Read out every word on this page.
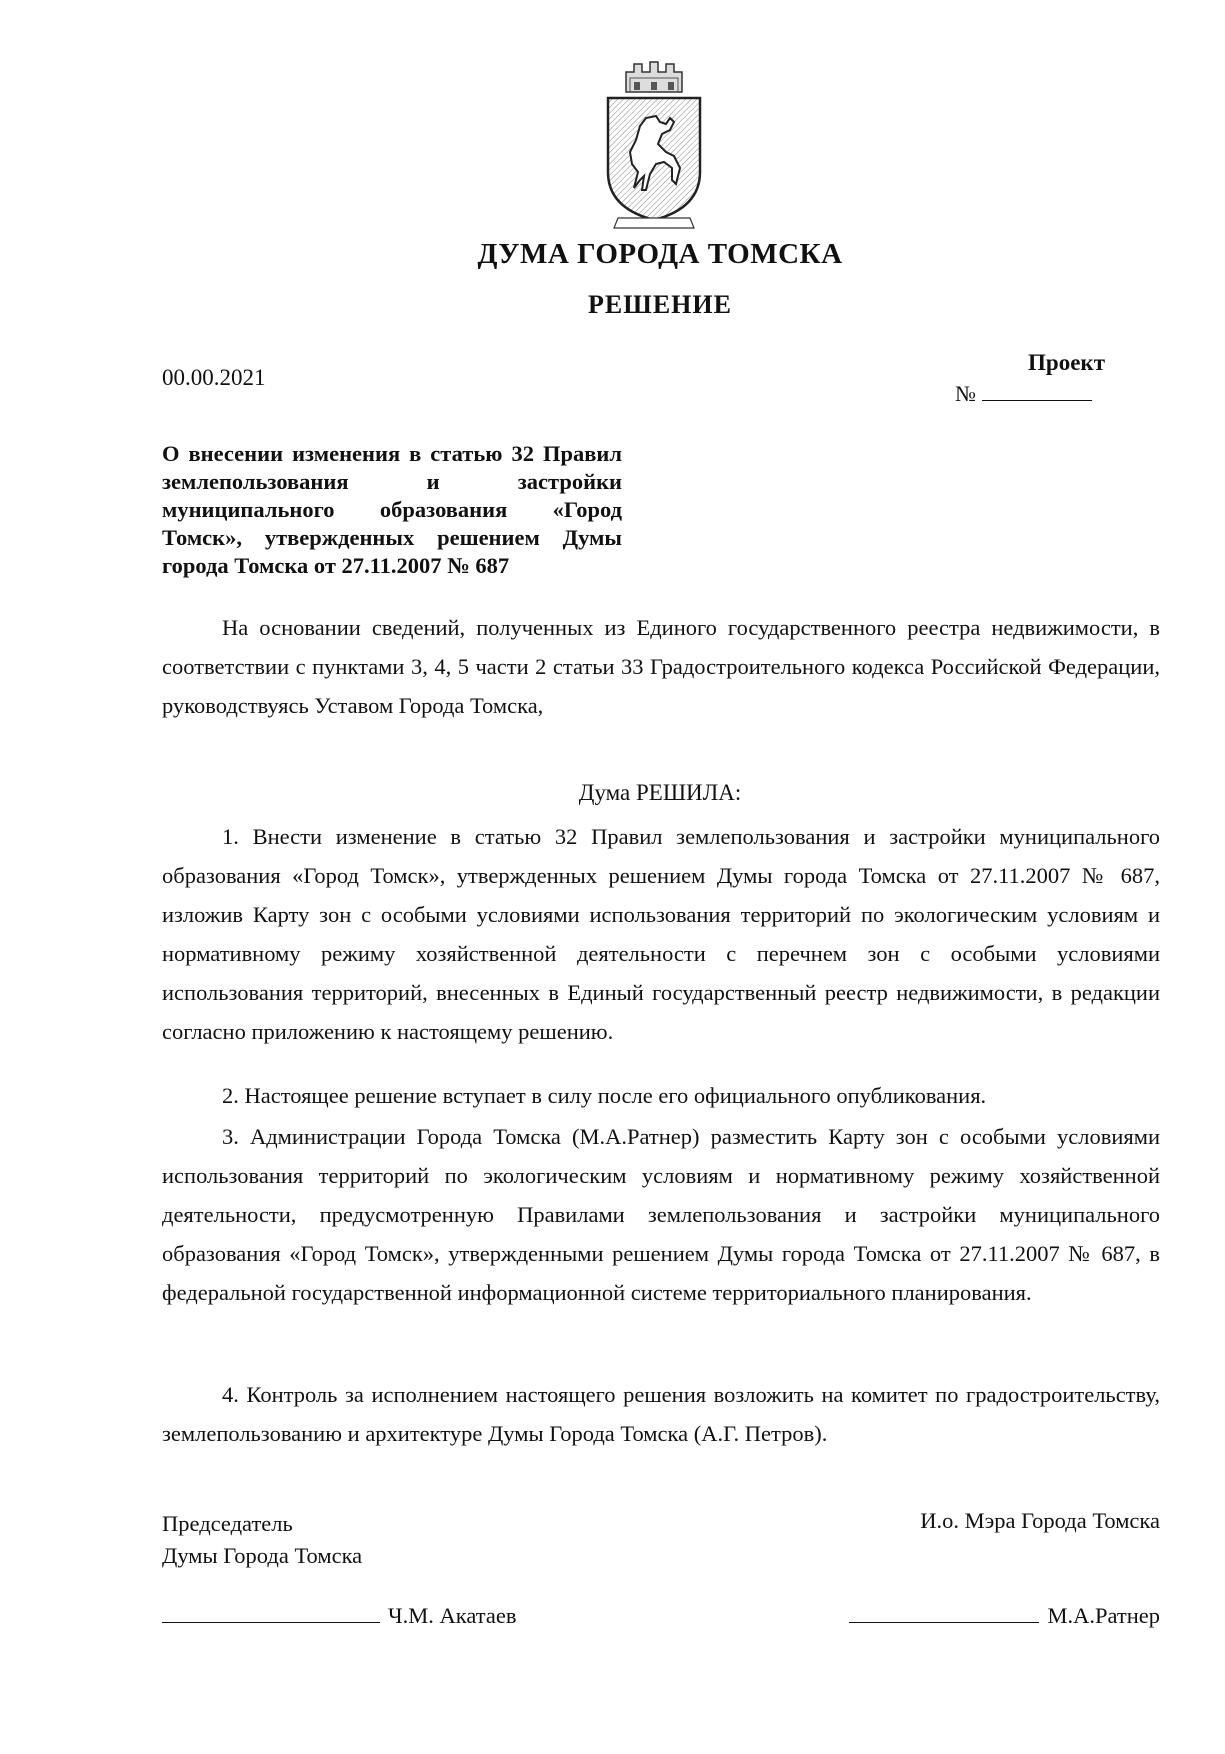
ДУМА ГОРОДА ТОМСКА
РЕШЕНИЕ
00.00.2021
Проект
№
О внесении изменения в статью 32 Правил землепользования и застройки муниципального образования «Город Томск», утвержденных решением Думы города Томска от 27.11.2007 № 687

На основании сведений, полученных из Единого государственного реестра недвижимости, в соответствии с пунктами 3, 4, 5 части 2 статьи 33 Градостроительного кодекса Российской Федерации, руководствуясь Уставом Города Томска,

Дума РЕШИЛА:

1. Внести изменение в статью 32 Правил землепользования и застройки муниципального образования «Город Томск», утвержденных решением Думы города Томска от 27.11.2007 № 687, изложив Карту зон с особыми условиями использования территорий по экологическим условиям и нормативному режиму хозяйственной деятельности с перечнем зон с особыми условиями использования территорий, внесенных в Единый государственный реестр недвижимости, в редакции согласно приложению к настоящему решению.

2. Настоящее решение вступает в силу после его официального опубликования.

3. Администрации Города Томска (М.А.Ратнер) разместить Карту зон с особыми условиями использования территорий по экологическим условиям и нормативному режиму хозяйственной деятельности, предусмотренную Правилами землепользования и застройки муниципального образования «Город Томск», утвержденными решением Думы города Томска от 27.11.2007 № 687, в федеральной государственной информационной системе территориального планирования.

4. Контроль за исполнением настоящего решения возложить на комитет по градостроительству, землепользованию и архитектуре Думы Города Томска (А.Г. Петров).

Председатель
Думы Города Томска
И.о. Мэра Города Томска
Ч.М. Акатаев	М.А.Ратнер
